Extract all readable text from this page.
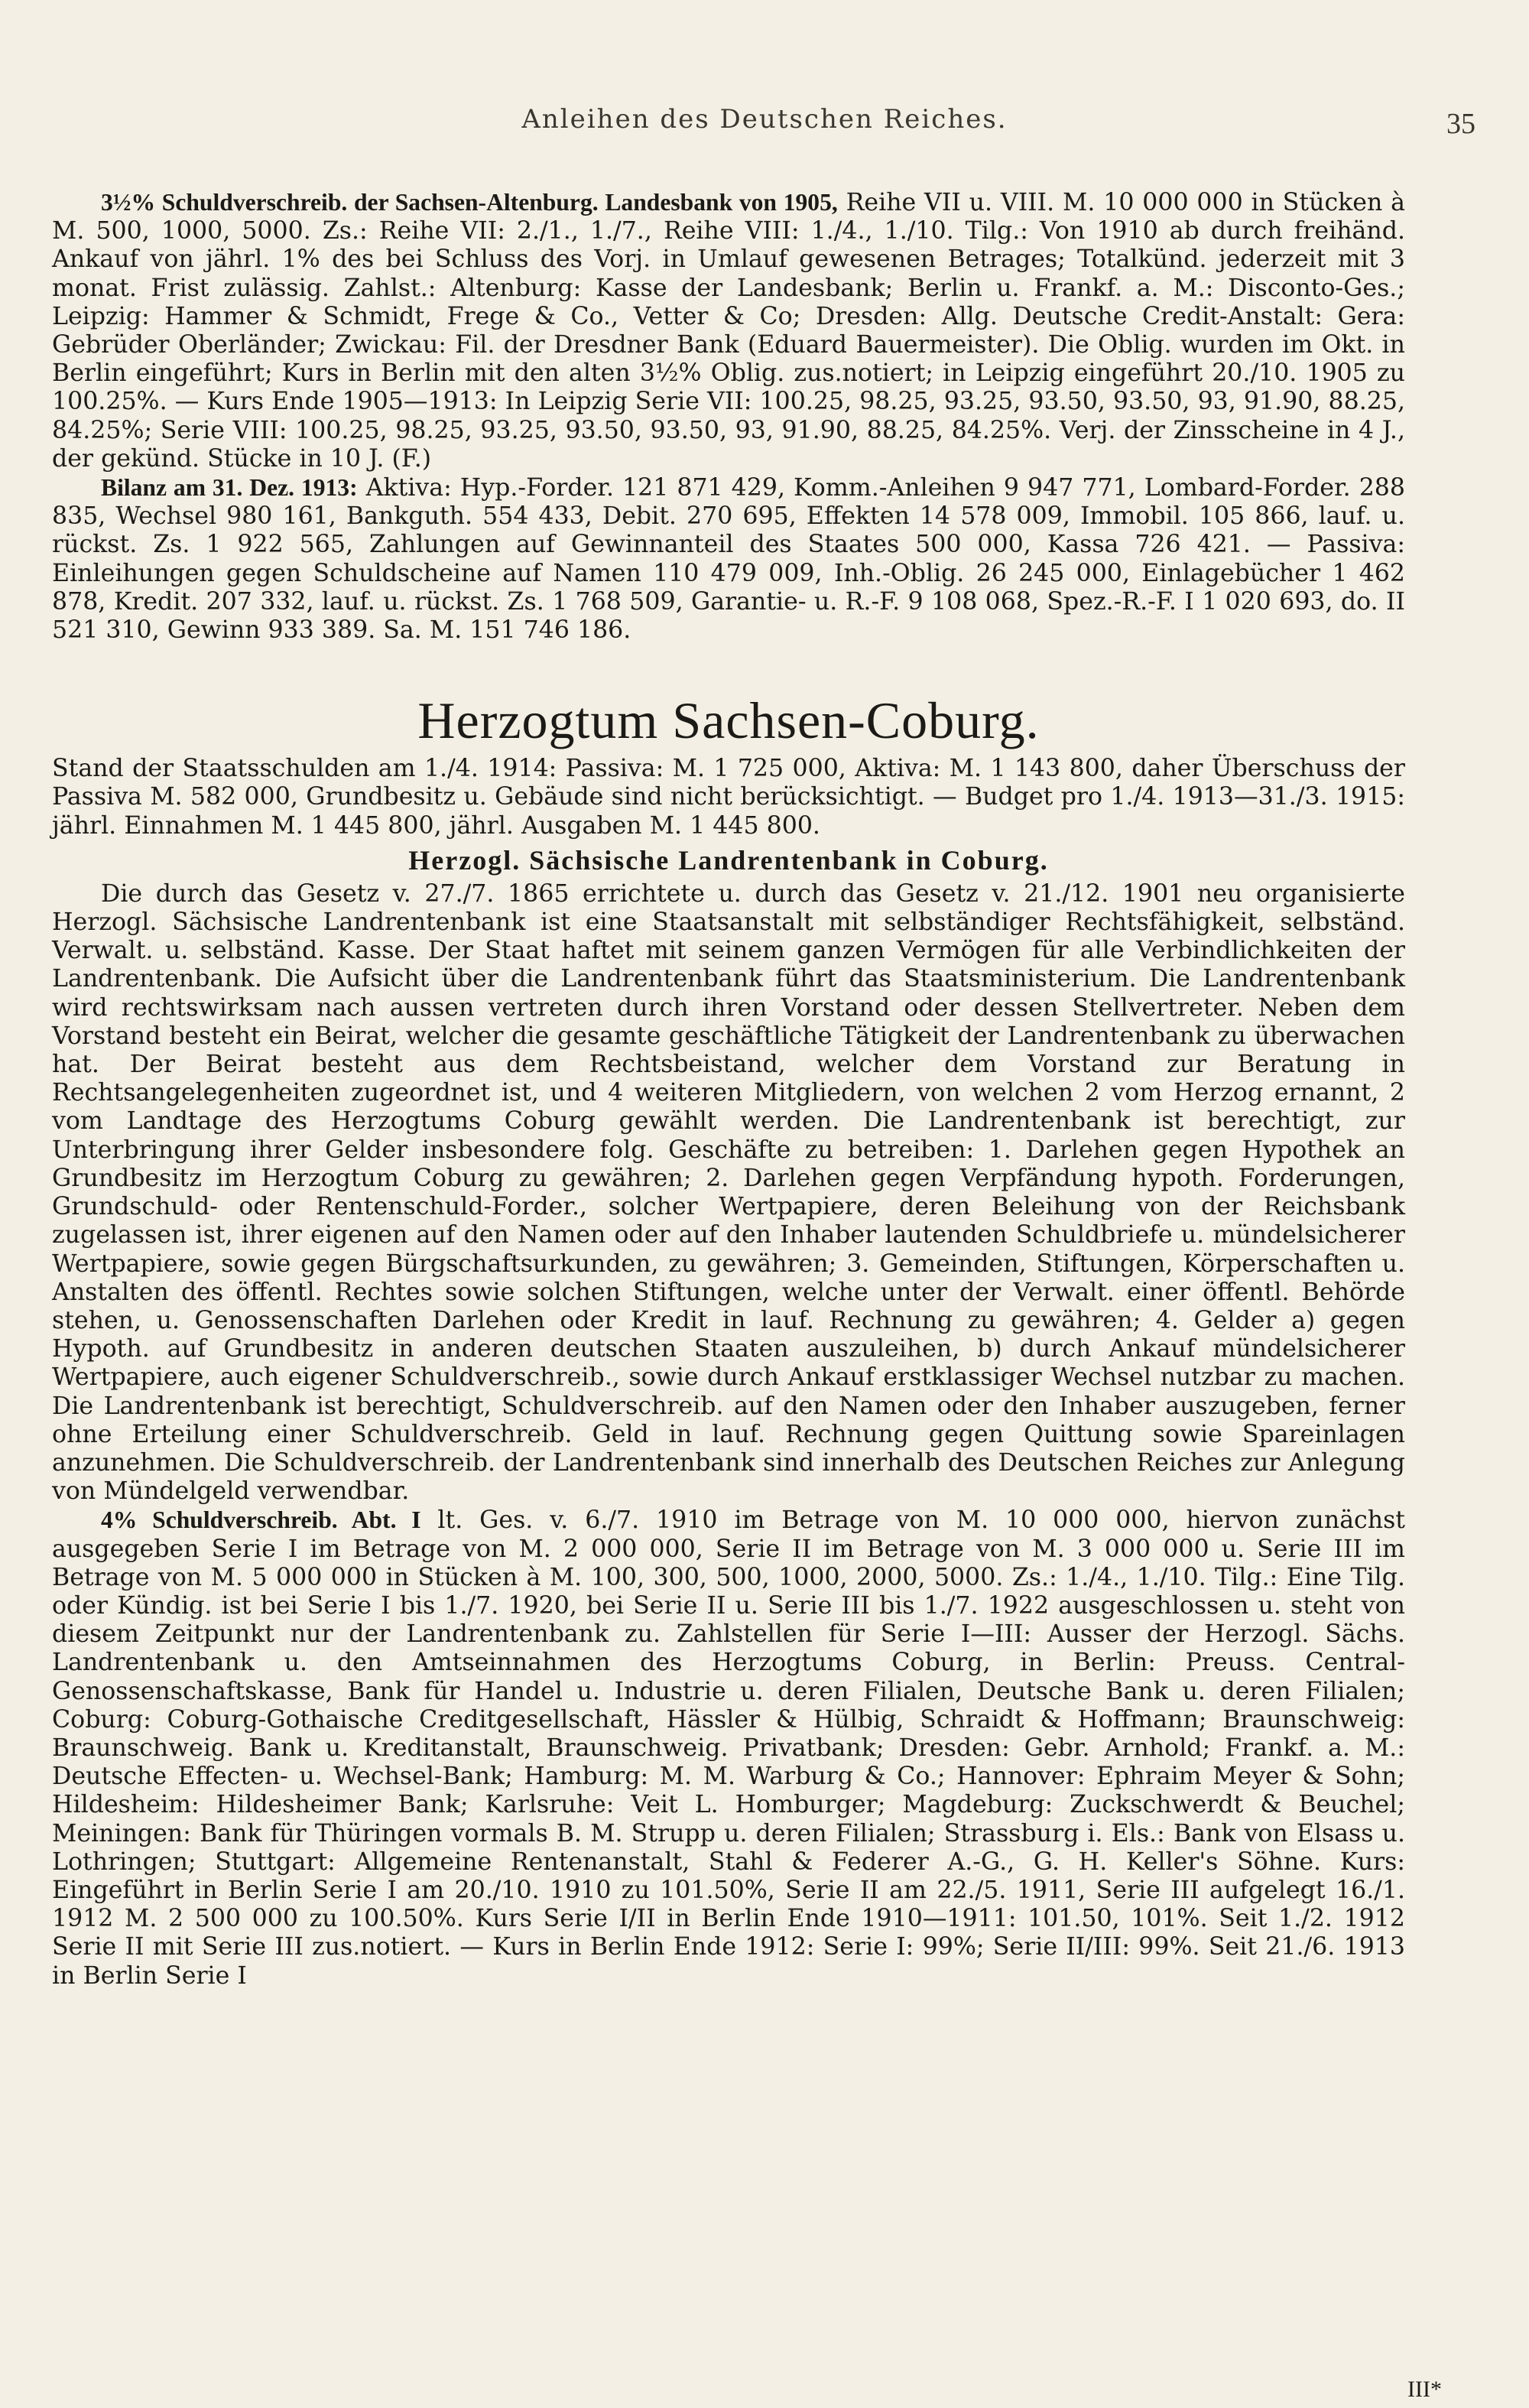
Anleihen des Deutschen Reiches.	35

3½% Schuldverschreib. der Sachsen-Altenburg. Landesbank von 1905, Reihe VII u. VIII. M. 10 000 000 in Stücken à M. 500, 1000, 5000. Zs.: Reihe VII: 2./1., 1./7., Reihe VIII: 1./4., 1./10. Tilg.: Von 1910 ab durch freihänd. Ankauf von jährl. 1% des bei Schluss des Vorj. in Umlauf gewesenen Betrages; Totalkünd. jederzeit mit 3 monat. Frist zulässig. Zahlst.: Altenburg: Kasse der Landesbank; Berlin u. Frankf. a. M.: Disconto-Ges.; Leipzig: Hammer & Schmidt, Frege & Co., Vetter & Co; Dresden: Allg. Deutsche Credit-Anstalt: Gera: Gebrüder Oberländer; Zwickau: Fil. der Dresdner Bank (Eduard Bauermeister). Die Oblig. wurden im Okt. in Berlin eingeführt; Kurs in Berlin mit den alten 3½% Oblig. zus.notiert; in Leipzig eingeführt 20./10. 1905 zu 100.25%. — Kurs Ende 1905—1913: In Leipzig Serie VII: 100.25, 98.25, 93.25, 93.50, 93.50, 93, 91.90, 88.25, 84.25%; Serie VIII: 100.25, 98.25, 93.25, 93.50, 93.50, 93, 91.90, 88.25, 84.25%. Verj. der Zinsscheine in 4 J., der gekünd. Stücke in 10 J. (F.)

Bilanz am 31. Dez. 1913: Aktiva: Hyp.-Forder. 121 871 429, Komm.-Anleihen 9 947 771, Lombard-Forder. 288 835, Wechsel 980 161, Bankguth. 554 433, Debit. 270 695, Effekten 14 578 009, Immobil. 105 866, lauf. u. rückst. Zs. 1 922 565, Zahlungen auf Gewinnanteil des Staates 500 000, Kassa 726 421. — Passiva: Einleihungen gegen Schuldscheine auf Namen 110 479 009, Inh.-Oblig. 26 245 000, Einlagebücher 1 462 878, Kredit. 207 332, lauf. u. rückst. Zs. 1 768 509, Garantie- u. R.-F. 9 108 068, Spez.-R.-F. I 1 020 693, do. II 521 310, Gewinn 933 389. Sa. M. 151 746 186.

Herzogtum Sachsen-Coburg.

Stand der Staatsschulden am 1./4. 1914: Passiva: M. 1 725 000, Aktiva: M. 1 143 800, daher Überschuss der Passiva M. 582 000, Grundbesitz u. Gebäude sind nicht berücksichtigt. — Budget pro 1./4. 1913—31./3. 1915: jährl. Einnahmen M. 1 445 800, jährl. Ausgaben M. 1 445 800.

Herzogl. Sächsische Landrentenbank in Coburg.

Die durch das Gesetz v. 27./7. 1865 errichtete u. durch das Gesetz v. 21./12. 1901 neu organisierte Herzogl. Sächsische Landrentenbank ist eine Staatsanstalt mit selbständiger Rechtsfähigkeit, selbständ. Verwalt. u. selbständ. Kasse. Der Staat haftet mit seinem ganzen Vermögen für alle Verbindlichkeiten der Landrentenbank. Die Aufsicht über die Landrentenbank führt das Staatsministerium. Die Landrentenbank wird rechtswirksam nach aussen vertreten durch ihren Vorstand oder dessen Stellvertreter. Neben dem Vorstand besteht ein Beirat, welcher die gesamte geschäftliche Tätigkeit der Landrentenbank zu überwachen hat. Der Beirat besteht aus dem Rechtsbeistand, welcher dem Vorstand zur Beratung in Rechtsangelegenheiten zugeordnet ist, und 4 weiteren Mitgliedern, von welchen 2 vom Herzog ernannt, 2 vom Landtage des Herzogtums Coburg gewählt werden. Die Landrentenbank ist berechtigt, zur Unterbringung ihrer Gelder insbesondere folg. Geschäfte zu betreiben: 1. Darlehen gegen Hypothek an Grundbesitz im Herzogtum Coburg zu gewähren; 2. Darlehen gegen Verpfändung hypoth. Forderungen, Grundschuld- oder Rentenschuld-Forder., solcher Wertpapiere, deren Beleihung von der Reichsbank zugelassen ist, ihrer eigenen auf den Namen oder auf den Inhaber lautenden Schuldbriefe u. mündelsicherer Wertpapiere, sowie gegen Bürgschaftsurkunden, zu gewähren; 3. Gemeinden, Stiftungen, Körperschaften u. Anstalten des öffentl. Rechtes sowie solchen Stiftungen, welche unter der Verwalt. einer öffentl. Behörde stehen, u. Genossenschaften Darlehen oder Kredit in lauf. Rechnung zu gewähren; 4. Gelder a) gegen Hypoth. auf Grundbesitz in anderen deutschen Staaten auszuleihen, b) durch Ankauf mündelsicherer Wertpapiere, auch eigener Schuldverschreib., sowie durch Ankauf erstklassiger Wechsel nutzbar zu machen. Die Landrentenbank ist berechtigt, Schuldverschreib. auf den Namen oder den Inhaber auszugeben, ferner ohne Erteilung einer Schuldverschreib. Geld in lauf. Rechnung gegen Quittung sowie Spareinlagen anzunehmen. Die Schuldverschreib. der Landrentenbank sind innerhalb des Deutschen Reiches zur Anlegung von Mündelgeld verwendbar.

4% Schuldverschreib. Abt. I lt. Ges. v. 6./7. 1910 im Betrage von M. 10 000 000, hiervon zunächst ausgegeben Serie I im Betrage von M. 2 000 000, Serie II im Betrage von M. 3 000 000 u. Serie III im Betrage von M. 5 000 000 in Stücken à M. 100, 300, 500, 1000, 2000, 5000. Zs.: 1./4., 1./10. Tilg.: Eine Tilg. oder Kündig. ist bei Serie I bis 1./7. 1920, bei Serie II u. Serie III bis 1./7. 1922 ausgeschlossen u. steht von diesem Zeitpunkt nur der Landrentenbank zu. Zahlstellen für Serie I—III: Ausser der Herzogl. Sächs. Landrentenbank u. den Amtseinnahmen des Herzogtums Coburg, in Berlin: Preuss. Central-Genossenschaftskasse, Bank für Handel u. Industrie u. deren Filialen, Deutsche Bank u. deren Filialen; Coburg: Coburg-Gothaische Creditgesellschaft, Hässler & Hülbig, Schraidt & Hoffmann; Braunschweig: Braunschweig. Bank u. Kreditanstalt, Braunschweig. Privatbank; Dresden: Gebr. Arnhold; Frankf. a. M.: Deutsche Effecten- u. Wechsel-Bank; Hamburg: M. M. Warburg & Co.; Hannover: Ephraim Meyer & Sohn; Hildesheim: Hildesheimer Bank; Karlsruhe: Veit L. Homburger; Magdeburg: Zuckschwerdt & Beuchel; Meiningen: Bank für Thüringen vormals B. M. Strupp u. deren Filialen; Strassburg i. Els.: Bank von Elsass u. Lothringen; Stuttgart: Allgemeine Rentenanstalt, Stahl & Federer A.-G., G. H. Keller's Söhne. Kurs: Eingeführt in Berlin Serie I am 20./10. 1910 zu 101.50%, Serie II am 22./5. 1911, Serie III aufgelegt 16./1. 1912 M. 2 500 000 zu 100.50%. Kurs Serie I/II in Berlin Ende 1910—1911: 101.50, 101%. Seit 1./2. 1912 Serie II mit Serie III zus.notiert. — Kurs in Berlin Ende 1912: Serie I: 99%; Serie II/III: 99%. Seit 21./6. 1913 in Berlin Serie I

III*
